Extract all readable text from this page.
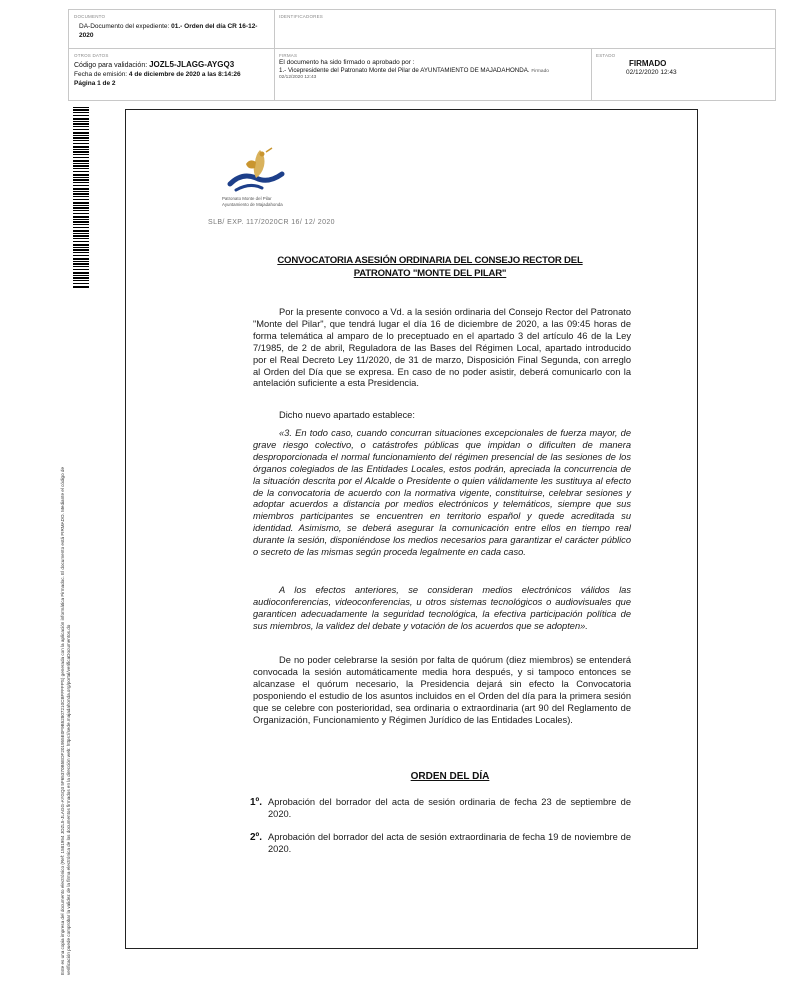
DOCUMENTO
DA-Documento del expediente: 01.- Orden del día CR 16-12-2020
IDENTIFICADORES
OTROS DATOS
Código para validación: JOZL5-JLAGG-AYGQ3
Fecha de emisión: 4 de diciembre de 2020 a las 8:14:26
Página 1 de 2
FIRMAS
El documento ha sido firmado o aprobado por :
1.- Vicepresidente del Patronato Monte del Pilar de AYUNTAMIENTO DE MAJADAHONDA. Firmado
02/12/2020 12:43
ESTADO
FIRMADO
02/12/2020 12:43
Este es una copia impresa del documento electrónico (Ref: 1581954 JOZL5-JLAGG-AYGQ3 5F65370B5EDF201955E0F9B52807210CBFFFFPS) generada con la aplicación informática Firmadoc. El documento está FIRMADO. Mediante el código de verificación puede comprobar la validez de la firma electrónica de los documentos firmados en la dirección web: https://sede.majadahonda.org/portal/verificaDocumentos.do
Patronato Monte del Pilar
Ayuntamiento de Majadahonda
SLB/ EXP. 117/2020CR 16/ 12/ 2020
CONVOCATORIA ASESIÓN ORDINARIA DEL CONSEJO RECTOR DEL
PATRONATO "MONTE DEL PILAR"
Por la presente convoco a Vd. a la sesión ordinaria del Consejo Rector del Patronato "Monte del Pilar", que tendrá lugar el día 16 de diciembre de 2020, a las 09:45 horas de forma telemática al amparo de lo preceptuado en el apartado 3 del artículo 46 de la Ley 7/1985, de 2 de abril, Reguladora de las Bases del Régimen Local, apartado introducido por el Real Decreto Ley 11/2020, de 31 de marzo, Disposición Final Segunda, con arreglo al Orden del Día que se expresa. En caso de no poder asistir, deberá comunicarlo con la antelación suficiente a esta Presidencia.
Dicho nuevo apartado establece:
«3. En todo caso, cuando concurran situaciones excepcionales de fuerza mayor, de grave riesgo colectivo, o catástrofes públicas que impidan o dificulten de manera desproporcionada el normal funcionamiento del régimen presencial de las sesiones de los órganos colegiados de las Entidades Locales, estos podrán, apreciada la concurrencia de la situación descrita por el Alcalde o Presidente o quien válidamente les sustituya al efecto de la convocatoria de acuerdo con la normativa vigente, constituirse, celebrar sesiones y adoptar acuerdos a distancia por medios electrónicos y telemáticos, siempre que sus miembros participantes se encuentren en territorio español y quede acreditada su identidad. Asimismo, se deberá asegurar la comunicación entre ellos en tiempo real durante la sesión, disponiéndose los medios necesarios para garantizar el carácter público o secreto de las mismas según proceda legalmente en cada caso.
A los efectos anteriores, se consideran medios electrónicos válidos las audioconferencias, videoconferencias, u otros sistemas tecnológicos o audiovisuales que garanticen adecuadamente la seguridad tecnológica, la efectiva participación política de sus miembros, la validez del debate y votación de los acuerdos que se adopten».
De no poder celebrarse la sesión por falta de quórum (diez miembros) se entenderá convocada la sesión automáticamente media hora después, y si tampoco entonces se alcanzase el quórum necesario, la Presidencia dejará sin efecto la Convocatoria posponiendo el estudio de los asuntos incluidos en el Orden del día para la primera sesión que se celebre con posterioridad, sea ordinaria o extraordinaria (art 90 del Reglamento de Organización, Funcionamiento y Régimen Jurídico de las Entidades Locales).
ORDEN DEL DÍA
1º. Aprobación del borrador del acta de sesión ordinaria de fecha 23 de septiembre de 2020.
2º. Aprobación del borrador del acta de sesión extraordinaria de fecha 19 de noviembre de 2020.
